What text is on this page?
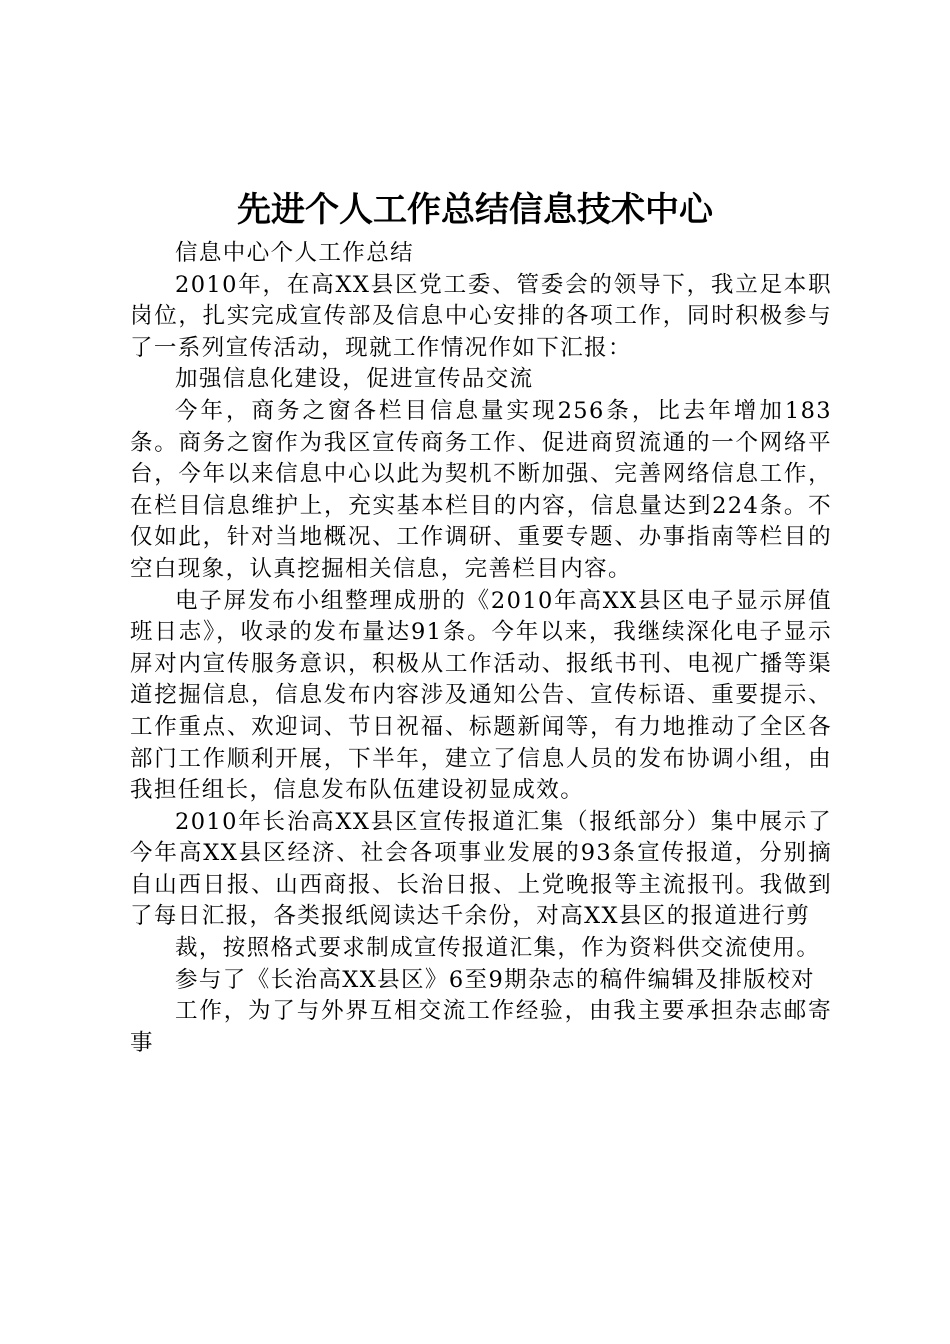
先进个人工作总结信息技术中心

信息中心个人工作总结

2010年，在高XX县区党工委、管委会的领导下，我立足本职岗位，扎实完成宣传部及信息中心安排的各项工作，同时积极参与了一系列宣传活动，现就工作情况作如下汇报：

加强信息化建设，促进宣传品交流

今年，商务之窗各栏目信息量实现256条，比去年增加183条。商务之窗作为我区宣传商务工作、促进商贸流通的一个网络平台，今年以来信息中心以此为契机不断加强、完善网络信息工作，在栏目信息维护上，充实基本栏目的内容，信息量达到224条。不仅如此，针对当地概况、工作调研、重要专题、办事指南等栏目的空白现象，认真挖掘相关信息，完善栏目内容。

电子屏发布小组整理成册的《2010年高XX县区电子显示屏值班日志》，收录的发布量达91条。今年以来，我继续深化电子显示屏对内宣传服务意识，积极从工作活动、报纸书刊、电视广播等渠道挖掘信息，信息发布内容涉及通知公告、宣传标语、重要提示、工作重点、欢迎词、节日祝福、标题新闻等，有力地推动了全区各部门工作顺利开展，下半年，建立了信息人员的发布协调小组，由我担任组长，信息发布队伍建设初显成效。

2010年长治高XX县区宣传报道汇集（报纸部分）集中展示了今年高XX县区经济、社会各项事业发展的93条宣传报道，分别摘自山西日报、山西商报、长治日报、上党晚报等主流报刊。我做到了每日汇报，各类报纸阅读达千余份，对高XX县区的报道进行剪

裁，按照格式要求制成宣传报道汇集，作为资料供交流使用。

参与了《长治高XX县区》6至9期杂志的稿件编辑及排版校对

工作，为了与外界互相交流工作经验，由我主要承担杂志邮寄事
